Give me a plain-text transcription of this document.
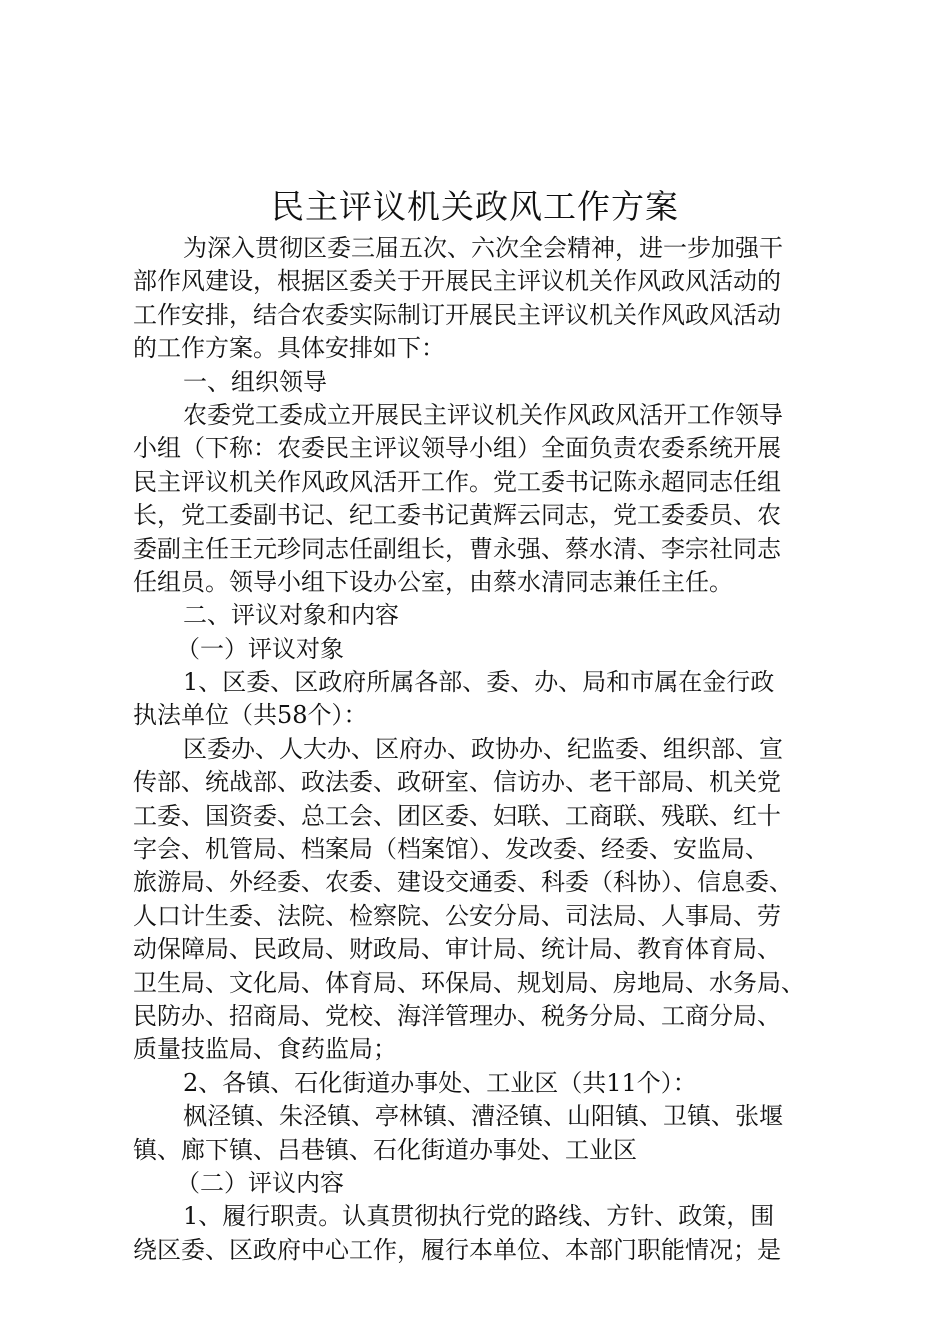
民主评议机关政风工作方案
为深入贯彻区委三届五次、六次全会精神，进一步加强干
部作风建设，根据区委关于开展民主评议机关作风政风活动的
工作安排，结合农委实际制订开展民主评议机关作风政风活动
的工作方案。具体安排如下：
一、组织领导
农委党工委成立开展民主评议机关作风政风活开工作领导
小组（下称：农委民主评议领导小组）全面负责农委系统开展
民主评议机关作风政风活开工作。党工委书记陈永超同志任组
长，党工委副书记、纪工委书记黄辉云同志，党工委委员、农
委副主任王元珍同志任副组长，曹永强、蔡水清、李宗社同志
任组员。领导小组下设办公室，由蔡水清同志兼任主任。
二、评议对象和内容
（一）评议对象
1、区委、区政府所属各部、委、办、局和市属在金行政
执法单位（共58个）：
区委办、人大办、区府办、政协办、纪监委、组织部、宣
传部、统战部、政法委、政研室、信访办、老干部局、机关党
工委、国资委、总工会、团区委、妇联、工商联、残联、红十
字会、机管局、档案局（档案馆）、发改委、经委、安监局、
旅游局、外经委、农委、建设交通委、科委（科协）、信息委、
人口计生委、法院、检察院、公安分局、司法局、人事局、劳
动保障局、民政局、财政局、审计局、统计局、教育体育局、
卫生局、文化局、体育局、环保局、规划局、房地局、水务局、
民防办、招商局、党校、海洋管理办、税务分局、工商分局、
质量技监局、食药监局；
2、各镇、石化街道办事处、工业区（共11个）：
枫泾镇、朱泾镇、亭林镇、漕泾镇、山阳镇、卫镇、张堰
镇、廊下镇、吕巷镇、石化街道办事处、工业区
（二）评议内容
1、履行职责。认真贯彻执行党的路线、方针、政策，围
绕区委、区政府中心工作，履行本单位、本部门职能情况；是
